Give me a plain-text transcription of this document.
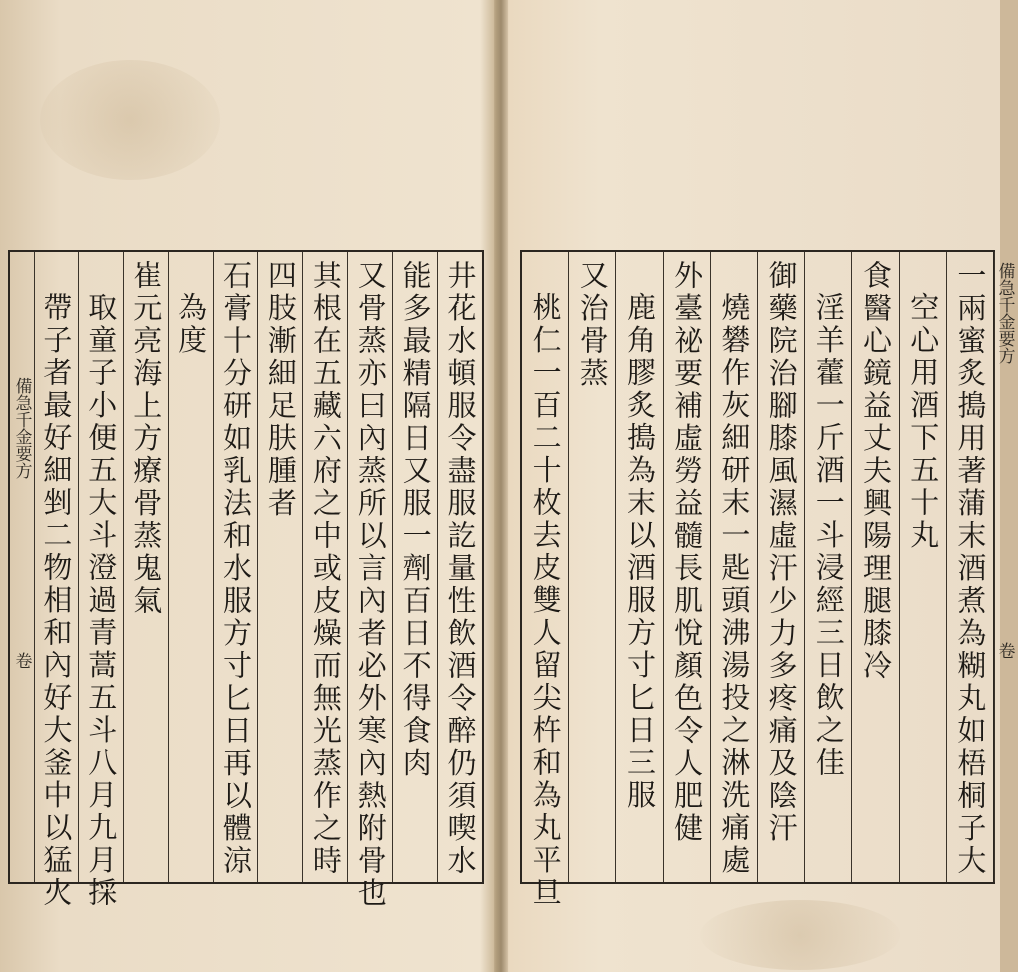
備急千金要方
卷	井花水頓服令盡服訖量性飲酒令醉仍須喫水
能多最精隔日又服一劑百日不得食肉
又骨蒸亦曰內蒸所以言內者必外寒內熱附骨也
其根在五藏六府之中或皮燥而無光蒸作之時
四肢漸細足肤腫者
石膏十分研如乳法和水服方寸匕日再以體涼
為度
崔元亮海上方療骨蒸鬼氣
取童子小便五大斗澄過青蒿五斗八月九月採
帶子者最好細剉二物相和內好大釜中以猛火	備急千金要方
卷
一兩蜜炙搗用著蒲末酒煮為糊丸如梧桐子大
空心用酒下五十丸
食醫心鏡益丈夫興陽理腿膝冷
淫羊藿一斤酒一斗浸經三日飲之佳
御藥院治腳膝風濕虛汗少力多疼痛及陰汗
燒礬作灰細研末一匙頭沸湯投之淋洗痛處
外臺祕要補虛勞益髓長肌悅顏色令人肥健
鹿角膠炙搗為末以酒服方寸匕日三服
又治骨蒸
桃仁一百二十枚去皮雙人留尖杵和為丸平旦
